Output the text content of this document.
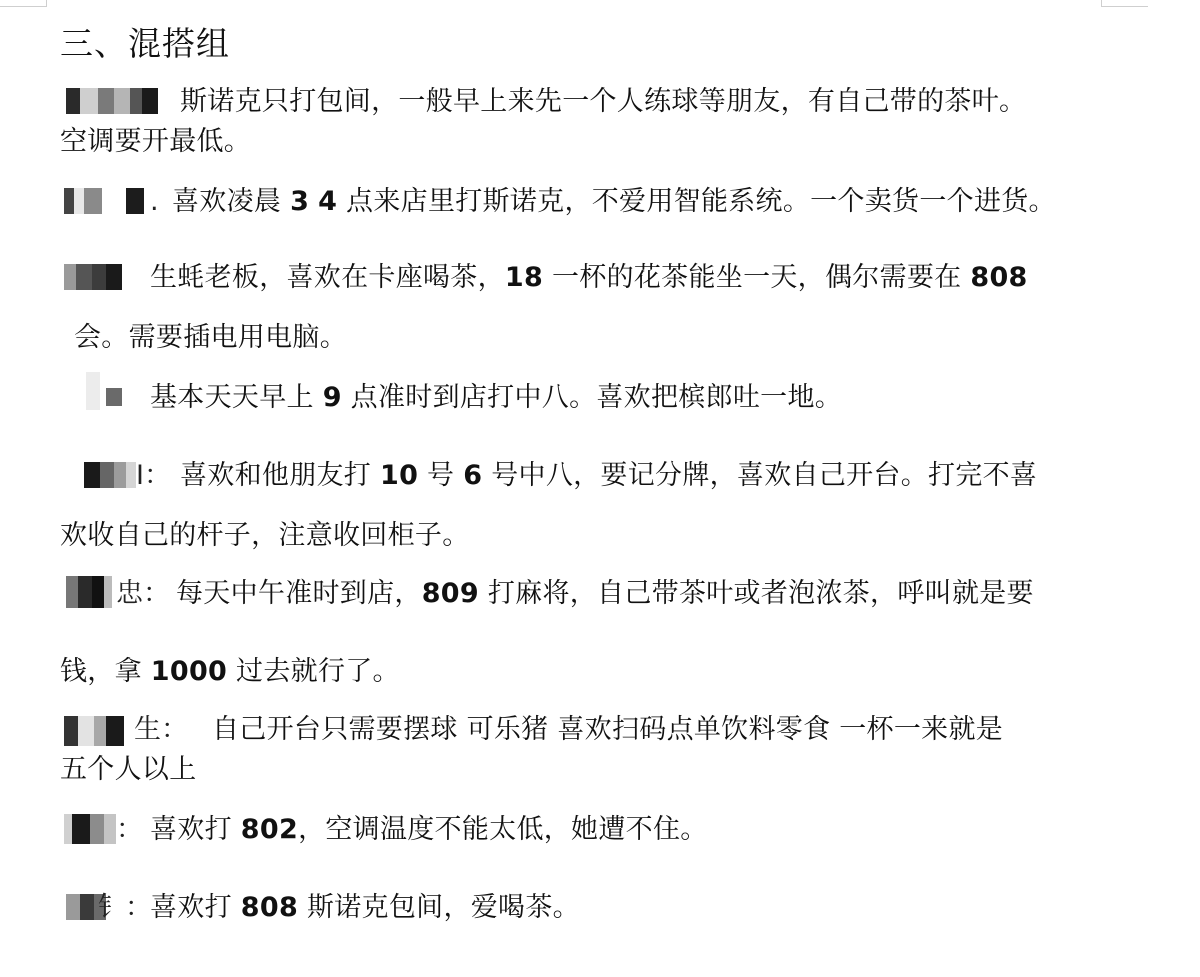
三、混搭组
斯诺克只打包间，一般早上来先一个人练球等朋友，有自己带的茶叶。
空调要开最低。
. 喜欢凌晨 3 4 点来店里打斯诺克，不爱用智能系统。一个卖货一个进货。
生蚝老板，喜欢在卡座喝茶，18 一杯的花茶能坐一天，偶尔需要在 808
会。需要插电用电脑。
基本天天早上 9 点准时到店打中八。喜欢把槟郎吐一地。
I： 喜欢和他朋友打 10 号 6 号中八，要记分牌，喜欢自己开台。打完不喜
欢收自己的杆子，注意收回柜子。
忠： 每天中午准时到店，809 打麻将，自己带茶叶或者泡浓茶，呼叫就是要
钱，拿 1000 过去就行了。
生： 自己开台只需要摆球 可乐猪 喜欢扫码点单饮料零食 一杯一来就是
五个人以上
： 喜欢打 802，空调温度不能太低，她遭不住。
钅：
喜欢打 808 斯诺克包间，爱喝茶。
